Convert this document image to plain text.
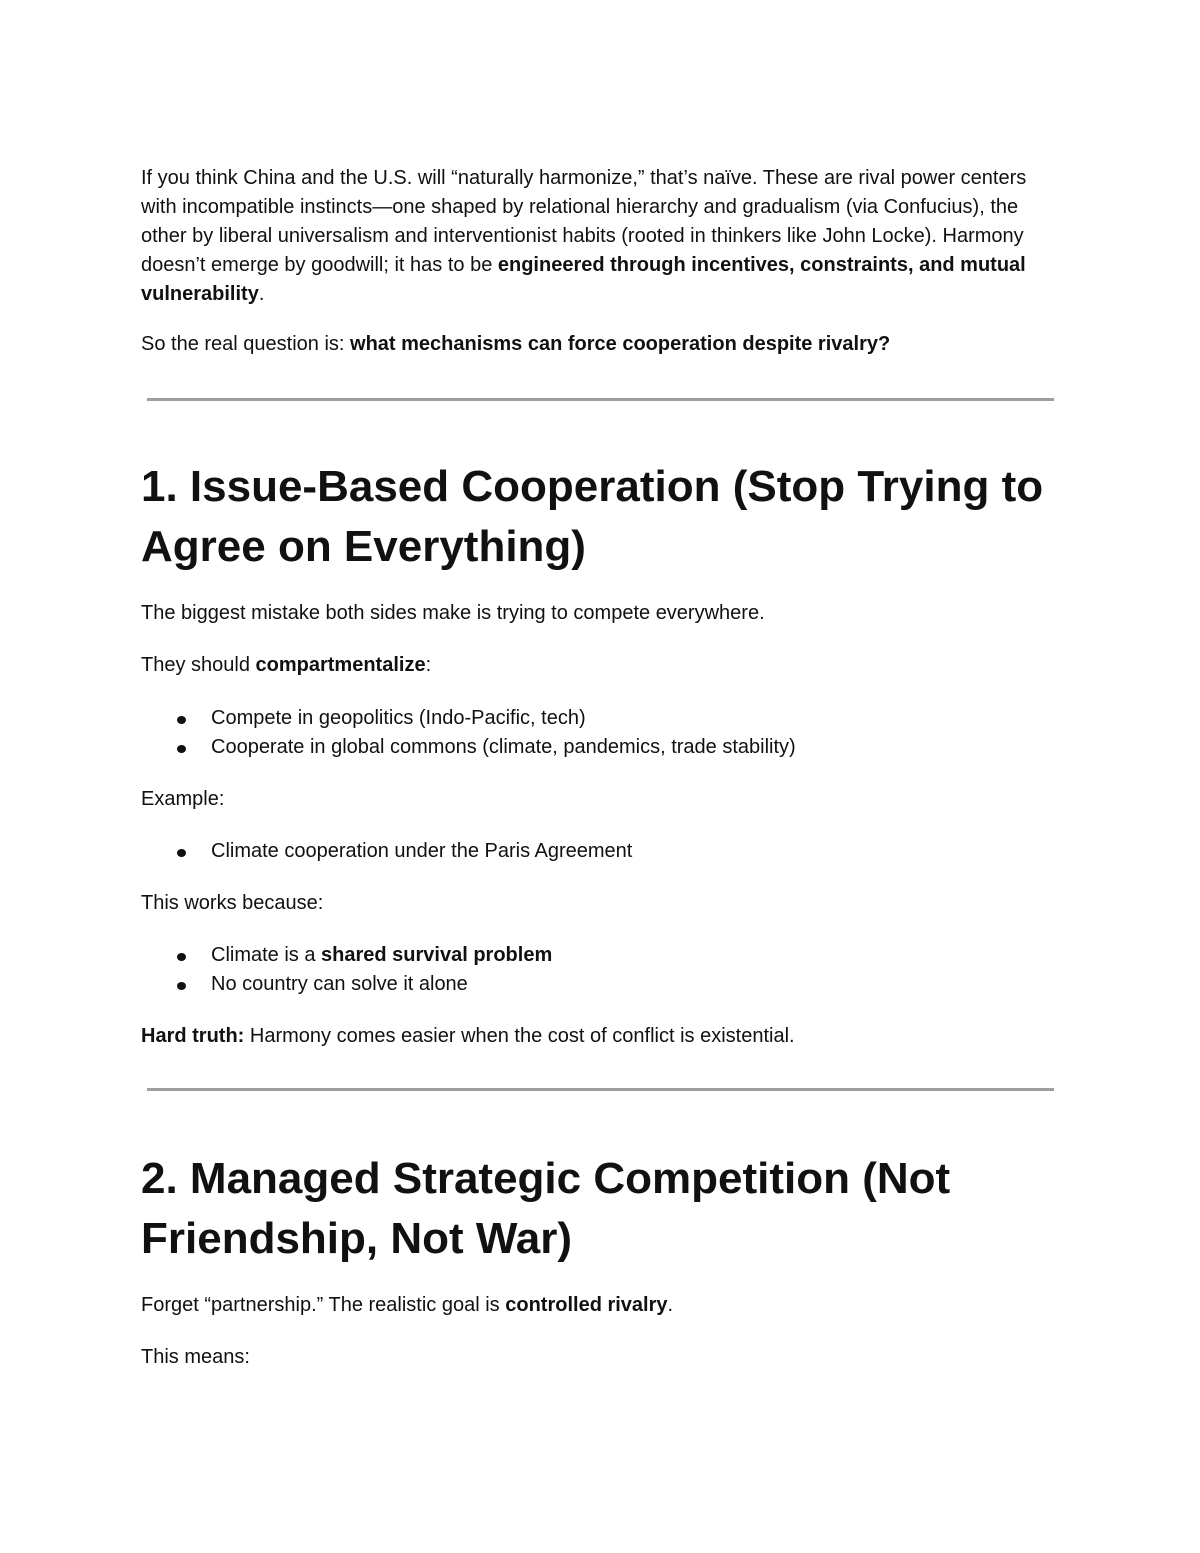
If you think China and the U.S. will “naturally harmonize,” that’s naïve. These are rival power centers with incompatible instincts—one shaped by relational hierarchy and gradualism (via Confucius), the other by liberal universalism and interventionist habits (rooted in thinkers like John Locke). Harmony doesn’t emerge by goodwill; it has to be engineered through incentives, constraints, and mutual vulnerability.

So the real question is: what mechanisms can force cooperation despite rivalry?

1. Issue-Based Cooperation (Stop Trying to Agree on Everything)

The biggest mistake both sides make is trying to compete everywhere.

They should compartmentalize:

Compete in geopolitics (Indo-Pacific, tech)
Cooperate in global commons (climate, pandemics, trade stability)

Example:

Climate cooperation under the Paris Agreement

This works because:

Climate is a shared survival problem
No country can solve it alone

Hard truth: Harmony comes easier when the cost of conflict is existential.

2. Managed Strategic Competition (Not Friendship, Not War)

Forget “partnership.” The realistic goal is controlled rivalry.

This means:
